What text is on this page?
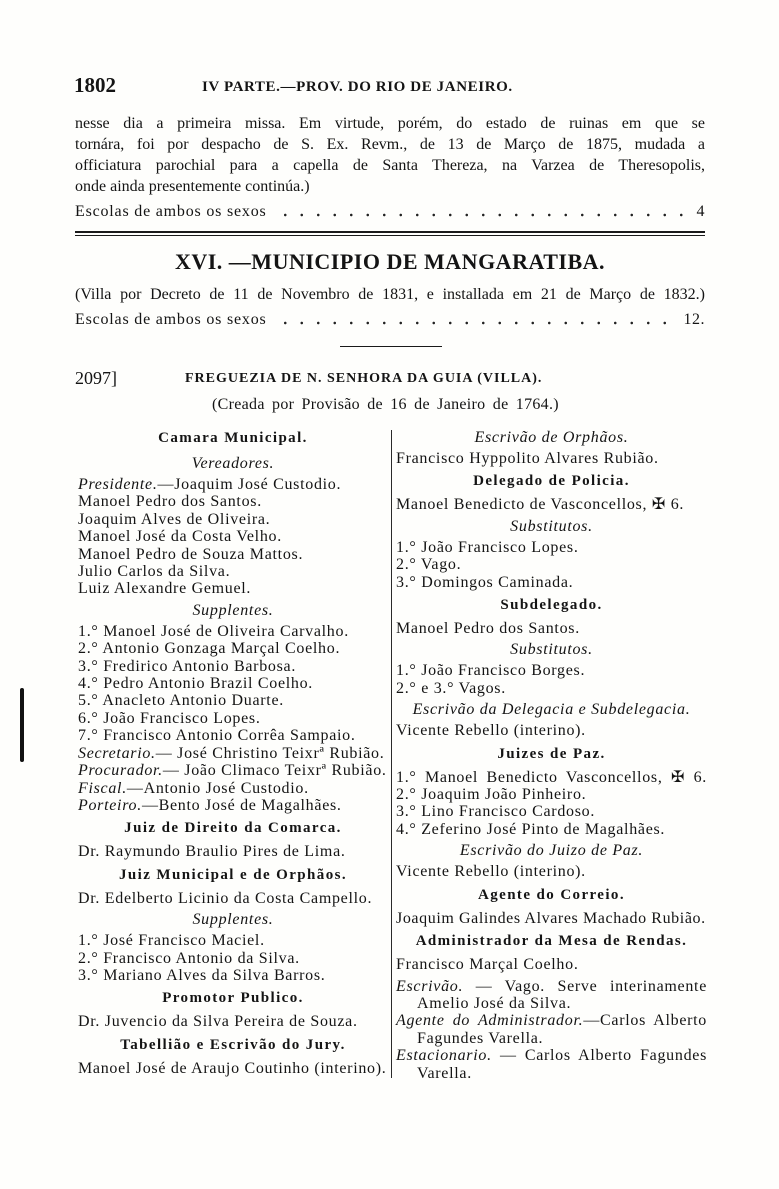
1802	IV PARTE.—PROV. DO RIO DE JANEIRO.
nesse dia a primeira missa. Em virtude, porém, do estado de ruinas em que se
tornára, foi por despacho de S. Ex. Revm., de 13 de Março de 1875, mudada a
officiatura parochial para a capella de Santa Thereza, na Varzea de Theresopolis,
onde ainda presentemente continúa.)
Escolas de ambos os sexos	4
XVI. —MUNICIPIO DE MANGARATIBA.
(Villa por Decreto de 11 de Novembro de 1831, e installada em 21 de Março de 1832.)
Escolas de ambos os sexos	12.
2097]	FREGUEZIA DE N. SENHORA DA GUIA (VILLA).
(Creada por Provisão de 16 de Janeiro de 1764.)
Camara Municipal.
Vereadores.
Presidente.—Joaquim José Custodio.
Manoel Pedro dos Santos.
Joaquim Alves de Oliveira.
Manoel José da Costa Velho.
Manoel Pedro de Souza Mattos.
Julio Carlos da Silva.
Luiz Alexandre Gemuel.
Supplentes.
1.° Manoel José de Oliveira Carvalho.
2.° Antonio Gonzaga Marçal Coelho.
3.° Fredirico Antonio Barbosa.
4.° Pedro Antonio Brazil Coelho.
5.° Anacleto Antonio Duarte.
6.° João Francisco Lopes.
7.° Francisco Antonio Corrêa Sampaio.
Secretario.— José Christino Teixrª Rubião.
Procurador.— João Climaco Teixrª Rubião.
Fiscal.—Antonio José Custodio.
Porteiro.—Bento José de Magalhães.
Juiz de Direito da Comarca.
Dr. Raymundo Braulio Pires de Lima.
Juiz Municipal e de Orphãos.
Dr. Edelberto Licinio da Costa Campello.
Supplentes.
1.° José Francisco Maciel.
2.° Francisco Antonio da Silva.
3.° Mariano Alves da Silva Barros.
Promotor Publico.
Dr. Juvencio da Silva Pereira de Souza.
Tabellião e Escrivão do Jury.
Manoel José de Araujo Coutinho (interino).
Escrivão de Orphãos.
Francisco Hyppolito Alvares Rubião.
Delegado de Policia.
Manoel Benedicto de Vasconcellos, ✠ 6.
Substitutos.
1.° João Francisco Lopes.
2.° Vago.
3.° Domingos Caminada.
Subdelegado.
Manoel Pedro dos Santos.
Substitutos.
1.° João Francisco Borges.
2.° e 3.° Vagos.
Escrivão da Delegacia e Subdelegacia.
Vicente Rebello (interino).
Juizes de Paz.
1.° Manoel Benedicto Vasconcellos, ✠ 6.
2.° Joaquim João Pinheiro.
3.° Lino Francisco Cardoso.
4.° Zeferino José Pinto de Magalhães.
Escrivão do Juizo de Paz.
Vicente Rebello (interino).
Agente do Correio.
Joaquim Galindes Alvares Machado Rubião.
Administrador da Mesa de Rendas.
Francisco Marçal Coelho.
Escrivão. — Vago. Serve interinamente
Amelio José da Silva.
Agente do Administrador.—Carlos Alberto
Fagundes Varella.
Estacionario. — Carlos Alberto Fagundes
Varella.
